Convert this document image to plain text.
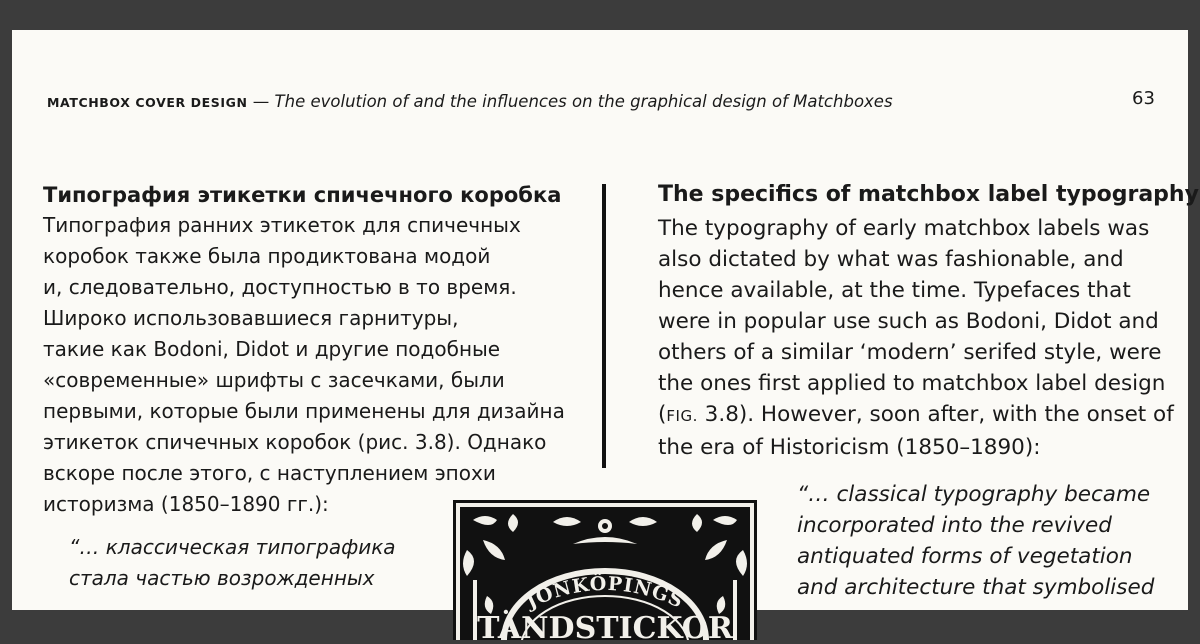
MATCHBOX COVER DESIGN — The evolution of and the influences on the graphical design of Matchboxes	63
Типография этикетки спичечного коробка
Типография ранних этикеток для спичечных
коробок также была продиктована модой
и, следовательно, доступностью в то время.
Широко использовавшиеся гарнитуры,
такие как Bodoni, Didot и другие подобные
«современные» шрифты с засечками, были
первыми, которые были применены для дизайна
этикеток спичечных коробок (рис. 3.8). Однако
вскоре после этого, с наступлением эпохи
историзма (1850–1890 гг.):
“… классическая типографика
стала частью возрожденных
The specifics of matchbox label typography
The typography of early matchbox labels was
also dictated by what was fashionable, and
hence available, at the time. Typefaces that
were in popular use such as Bodoni, Didot and
others of a similar ‘modern’ serifed style, were
the ones first applied to matchbox label design
(FIG. 3.8). However, soon after, with the onset of
the era of Historicism (1850–1890):
“… classical typography became
incorporated into the revived
antiquated forms of vegetation
and architecture that symbolised
JÖNKÖPINGS
TÄNDSTICKOR
